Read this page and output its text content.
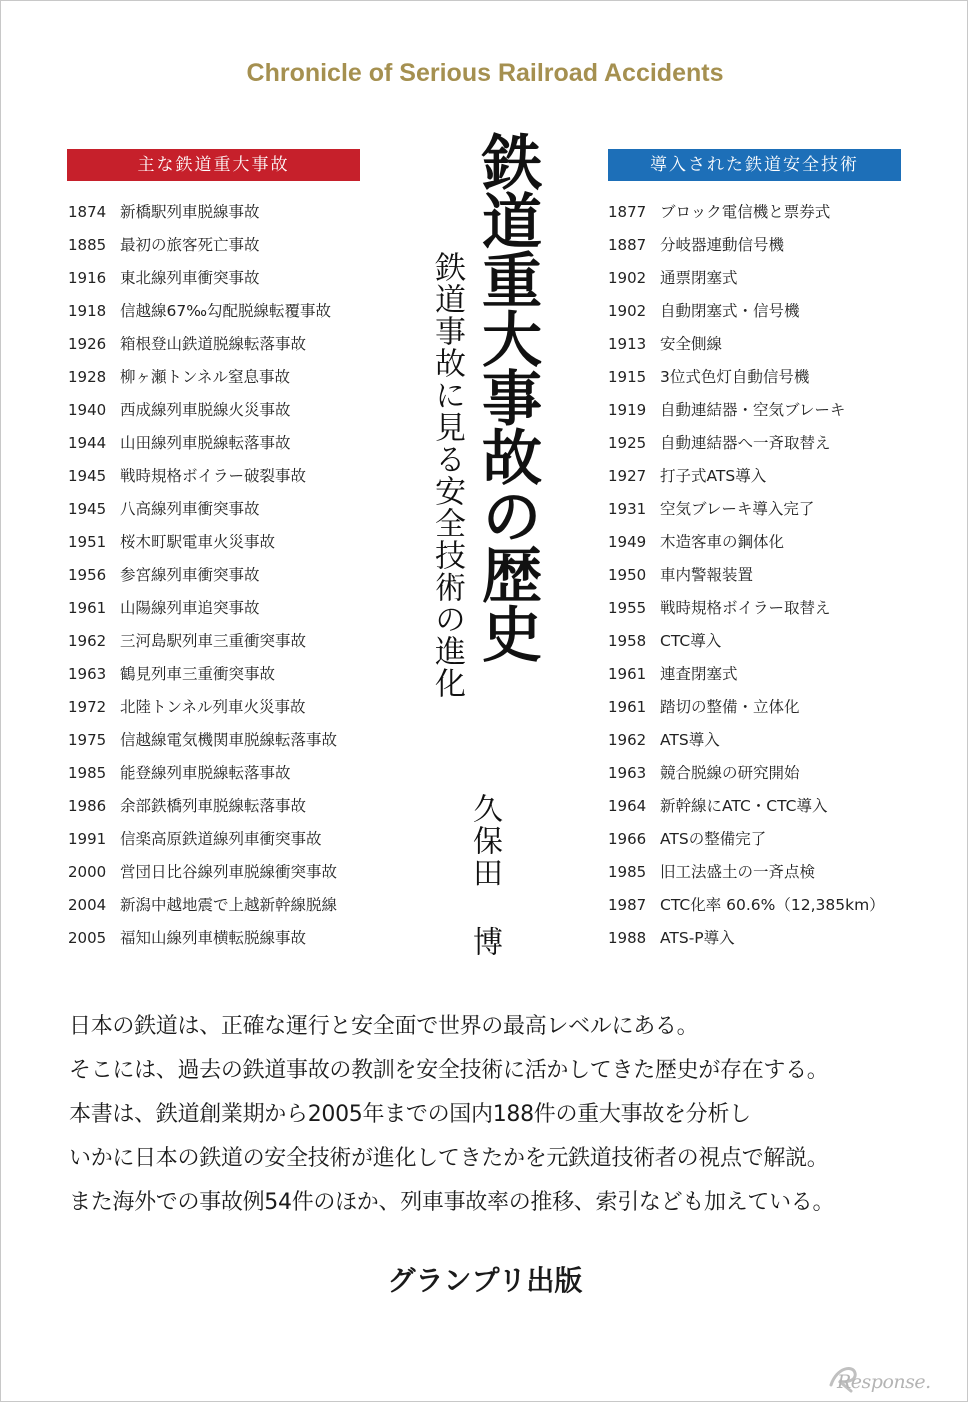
Chronicle of Serious Railroad Accidents
主な鉄道重大事故	導入された鉄道安全技術
1874 新橋駅列車脱線事故
1885 最初の旅客死亡事故
1916 東北線列車衝突事故
1918 信越線67‰勾配脱線転覆事故
1926 箱根登山鉄道脱線転落事故
1928 柳ヶ瀬トンネル窒息事故
1940 西成線列車脱線火災事故
1944 山田線列車脱線転落事故
1945 戦時規格ボイラー破裂事故
1945 八高線列車衝突事故
1951 桜木町駅電車火災事故
1956 参宮線列車衝突事故
1961 山陽線列車追突事故
1962 三河島駅列車三重衝突事故
1963 鶴見列車三重衝突事故
1972 北陸トンネル列車火災事故
1975 信越線電気機関車脱線転落事故
1985 能登線列車脱線転落事故
1986 余部鉄橋列車脱線転落事故
1991 信楽高原鉄道線列車衝突事故
2000 営団日比谷線列車脱線衝突事故
2004 新潟中越地震で上越新幹線脱線
2005 福知山線列車横転脱線事故
1877 ブロック電信機と票券式
1887 分岐器連動信号機
1902 通票閉塞式
1902 自動閉塞式・信号機
1913 安全側線
1915 3位式色灯自動信号機
1919 自動連結器・空気ブレーキ
1925 自動連結器へ一斉取替え
1927 打子式ATS導入
1931 空気ブレーキ導入完了
1949 木造客車の鋼体化
1950 車内警報装置
1955 戦時規格ボイラー取替え
1958 CTC導入
1961 連査閉塞式
1961 踏切の整備・立体化
1962 ATS導入
1963 競合脱線の研究開始
1964 新幹線にATC・CTC導入
1966 ATSの整備完了
1985 旧工法盛土の一斉点検
1987 CTC化率 60.6%（12,385km）
1988 ATS-P導入
鉄道重大事故の歴史
鉄道事故に見る安全技術の進化
久保田 博
日本の鉄道は、正確な運行と安全面で世界の最高レベルにある。
そこには、過去の鉄道事故の教訓を安全技術に活かしてきた歴史が存在する。
本書は、鉄道創業期から2005年までの国内188件の重大事故を分析し
いかに日本の鉄道の安全技術が進化してきたかを元鉄道技術者の視点で解説。
また海外での事故例54件のほか、列車事故率の推移、索引なども加えている。
グランプリ出版
Response.
